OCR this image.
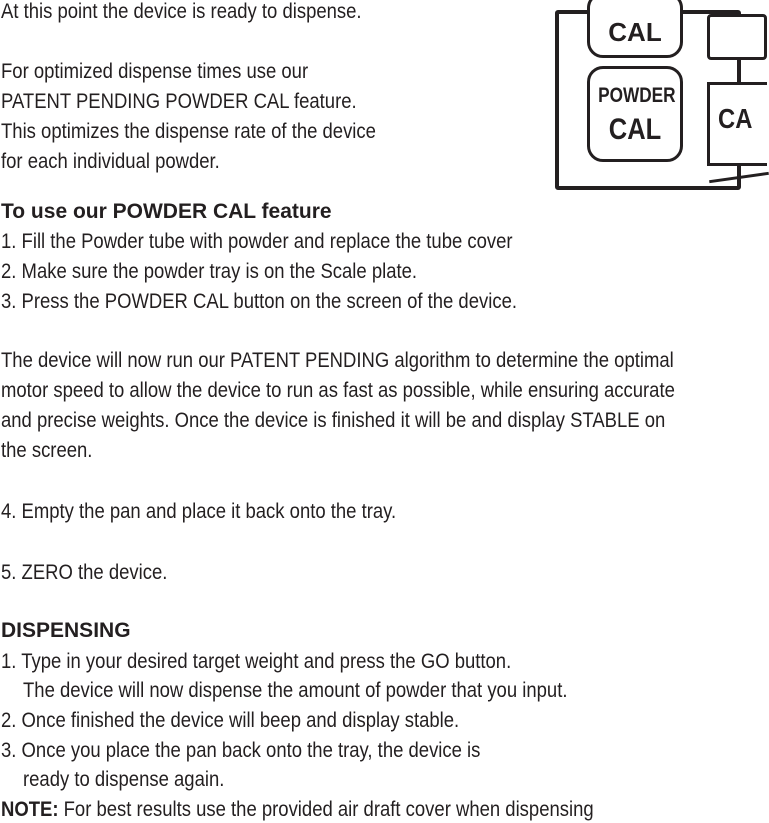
At this point the device is ready to dispense.

For optimized dispense times use our

PATENT PENDING POWDER CAL feature.

This optimizes the dispense rate of the device

for each individual powder.

CAL
POWDER
CAL	CA

To use our POWDER CAL feature

1. Fill the Powder tube with powder and replace the tube cover

2. Make sure the powder tray is on the Scale plate.

3. Press the POWDER CAL button on the screen of the device.

The device will now run our PATENT PENDING algorithm to determine the optimal

motor speed to allow the device to run as fast as possible, while ensuring accurate

and precise weights. Once the device is finished it will be and display STABLE on

the screen.

4. Empty the pan and place it back onto the tray.

5. ZERO the device.

DISPENSING

1. Type in your desired target weight and press the GO button.

The device will now dispense the amount of powder that you input.

2. Once finished the device will beep and display stable.

3. Once you place the pan back onto the tray, the device is

ready to dispense again.

NOTE: For best results use the provided air draft cover when dispensing
